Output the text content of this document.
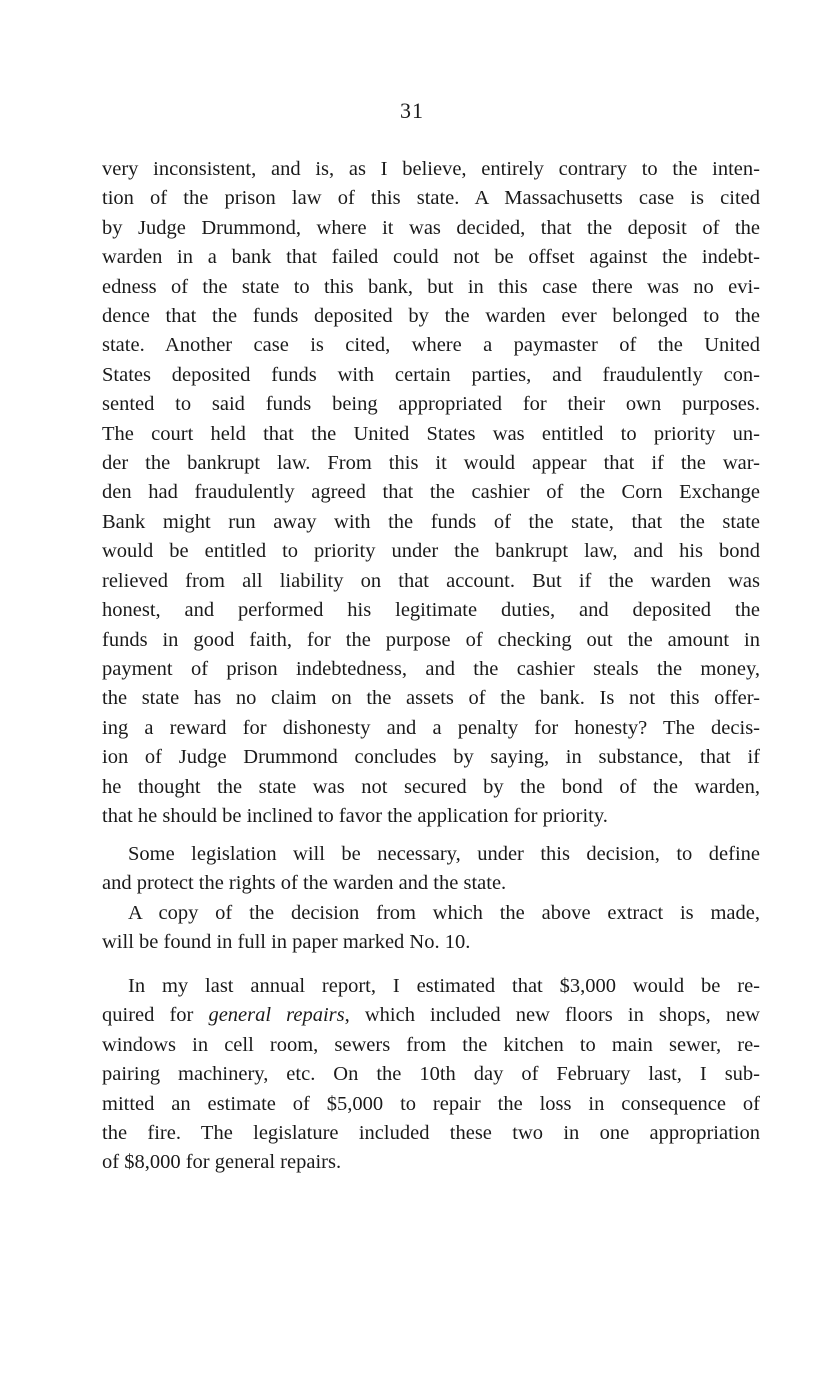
31
very inconsistent, and is, as I believe, entirely contrary to the inten-
tion of the prison law of this state. A Massachusetts case is cited
by Judge Drummond, where it was decided, that the deposit of the
warden in a bank that failed could not be offset against the indebt-
edness of the state to this bank, but in this case there was no evi-
dence that the funds deposited by the warden ever belonged to the
state. Another case is cited, where a paymaster of the United
States deposited funds with certain parties, and fraudulently con-
sented to said funds being appropriated for their own purposes.
The court held that the United States was entitled to priority un-
der the bankrupt law. From this it would appear that if the war-
den had fraudulently agreed that the cashier of the Corn Exchange
Bank might run away with the funds of the state, that the state
would be entitled to priority under the bankrupt law, and his bond
relieved from all liability on that account. But if the warden was
honest, and performed his legitimate duties, and deposited the
funds in good faith, for the purpose of checking out the amount in
payment of prison indebtedness, and the cashier steals the money,
the state has no claim on the assets of the bank. Is not this offer-
ing a reward for dishonesty and a penalty for honesty? The decis-
ion of Judge Drummond concludes by saying, in substance, that if
he thought the state was not secured by the bond of the warden,
that he should be inclined to favor the application for priority.
Some legislation will be necessary, under this decision, to define
and protect the rights of the warden and the state.
A copy of the decision from which the above extract is made,
will be found in full in paper marked No. 10.
In my last annual report, I estimated that $3,000 would be re-
quired for general repairs, which included new floors in shops, new
windows in cell room, sewers from the kitchen to main sewer, re-
pairing machinery, etc. On the 10th day of February last, I sub-
mitted an estimate of $5,000 to repair the loss in consequence of
the fire. The legislature included these two in one appropriation
of $8,000 for general repairs.
